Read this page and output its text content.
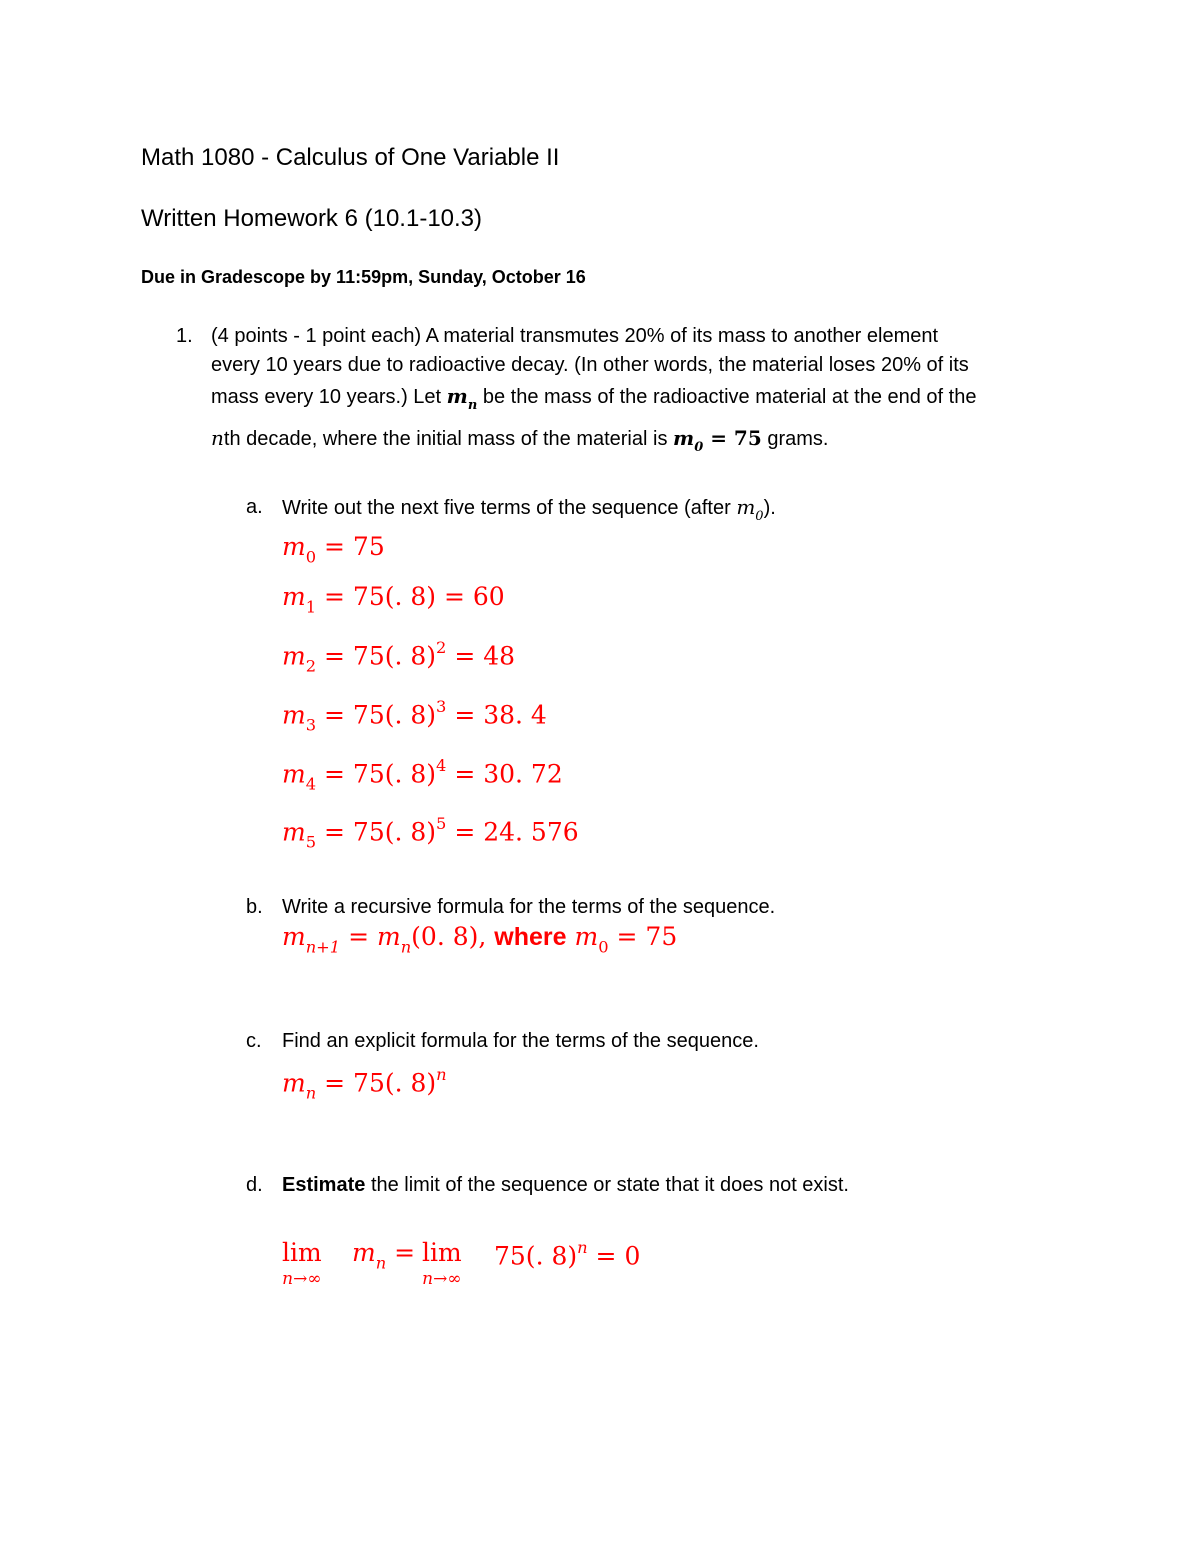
Math 1080 - Calculus of One Variable II
Written Homework 6 (10.1-10.3)
Due in Gradescope by 11:59pm, Sunday, October 16
1. (4 points - 1 point each) A material transmutes 20% of its mass to another element
every 10 years due to radioactive decay. (In other words, the material loses 20% of its
mass every 10 years.) Let $m_n$ be the mass of the radioactive material at the end of the
nth decade, where the initial mass of the material is $m_0 = 75$ grams.
a. Write out the next five terms of the sequence (after $m_0$).
$m_0 = 75$
$m_1 = 75$(. 8) = 60
$m_2 = 75$(. 8)$^2$ = 48
$m_3 = 75$(. 8)$^3$ = 38. 4
$m_4 = 75$(. 8)$^4$ = 30. 72
$m_5 = 75$(. 8)$^5$ = 24. 576
b. Write a recursive formula for the terms of the sequence.
$m_{n+1} = m_n(0$. 8), where $m_0 = 75$
c. Find an explicit formula for the terms of the sequence.
$m_n = 75$(. 8)$^n$
d. Estimate the limit of the sequence or state that it does not exist.
lim
n→∞
$m_n = \lim$
n→∞
75(. 8)$^n$ = 0
